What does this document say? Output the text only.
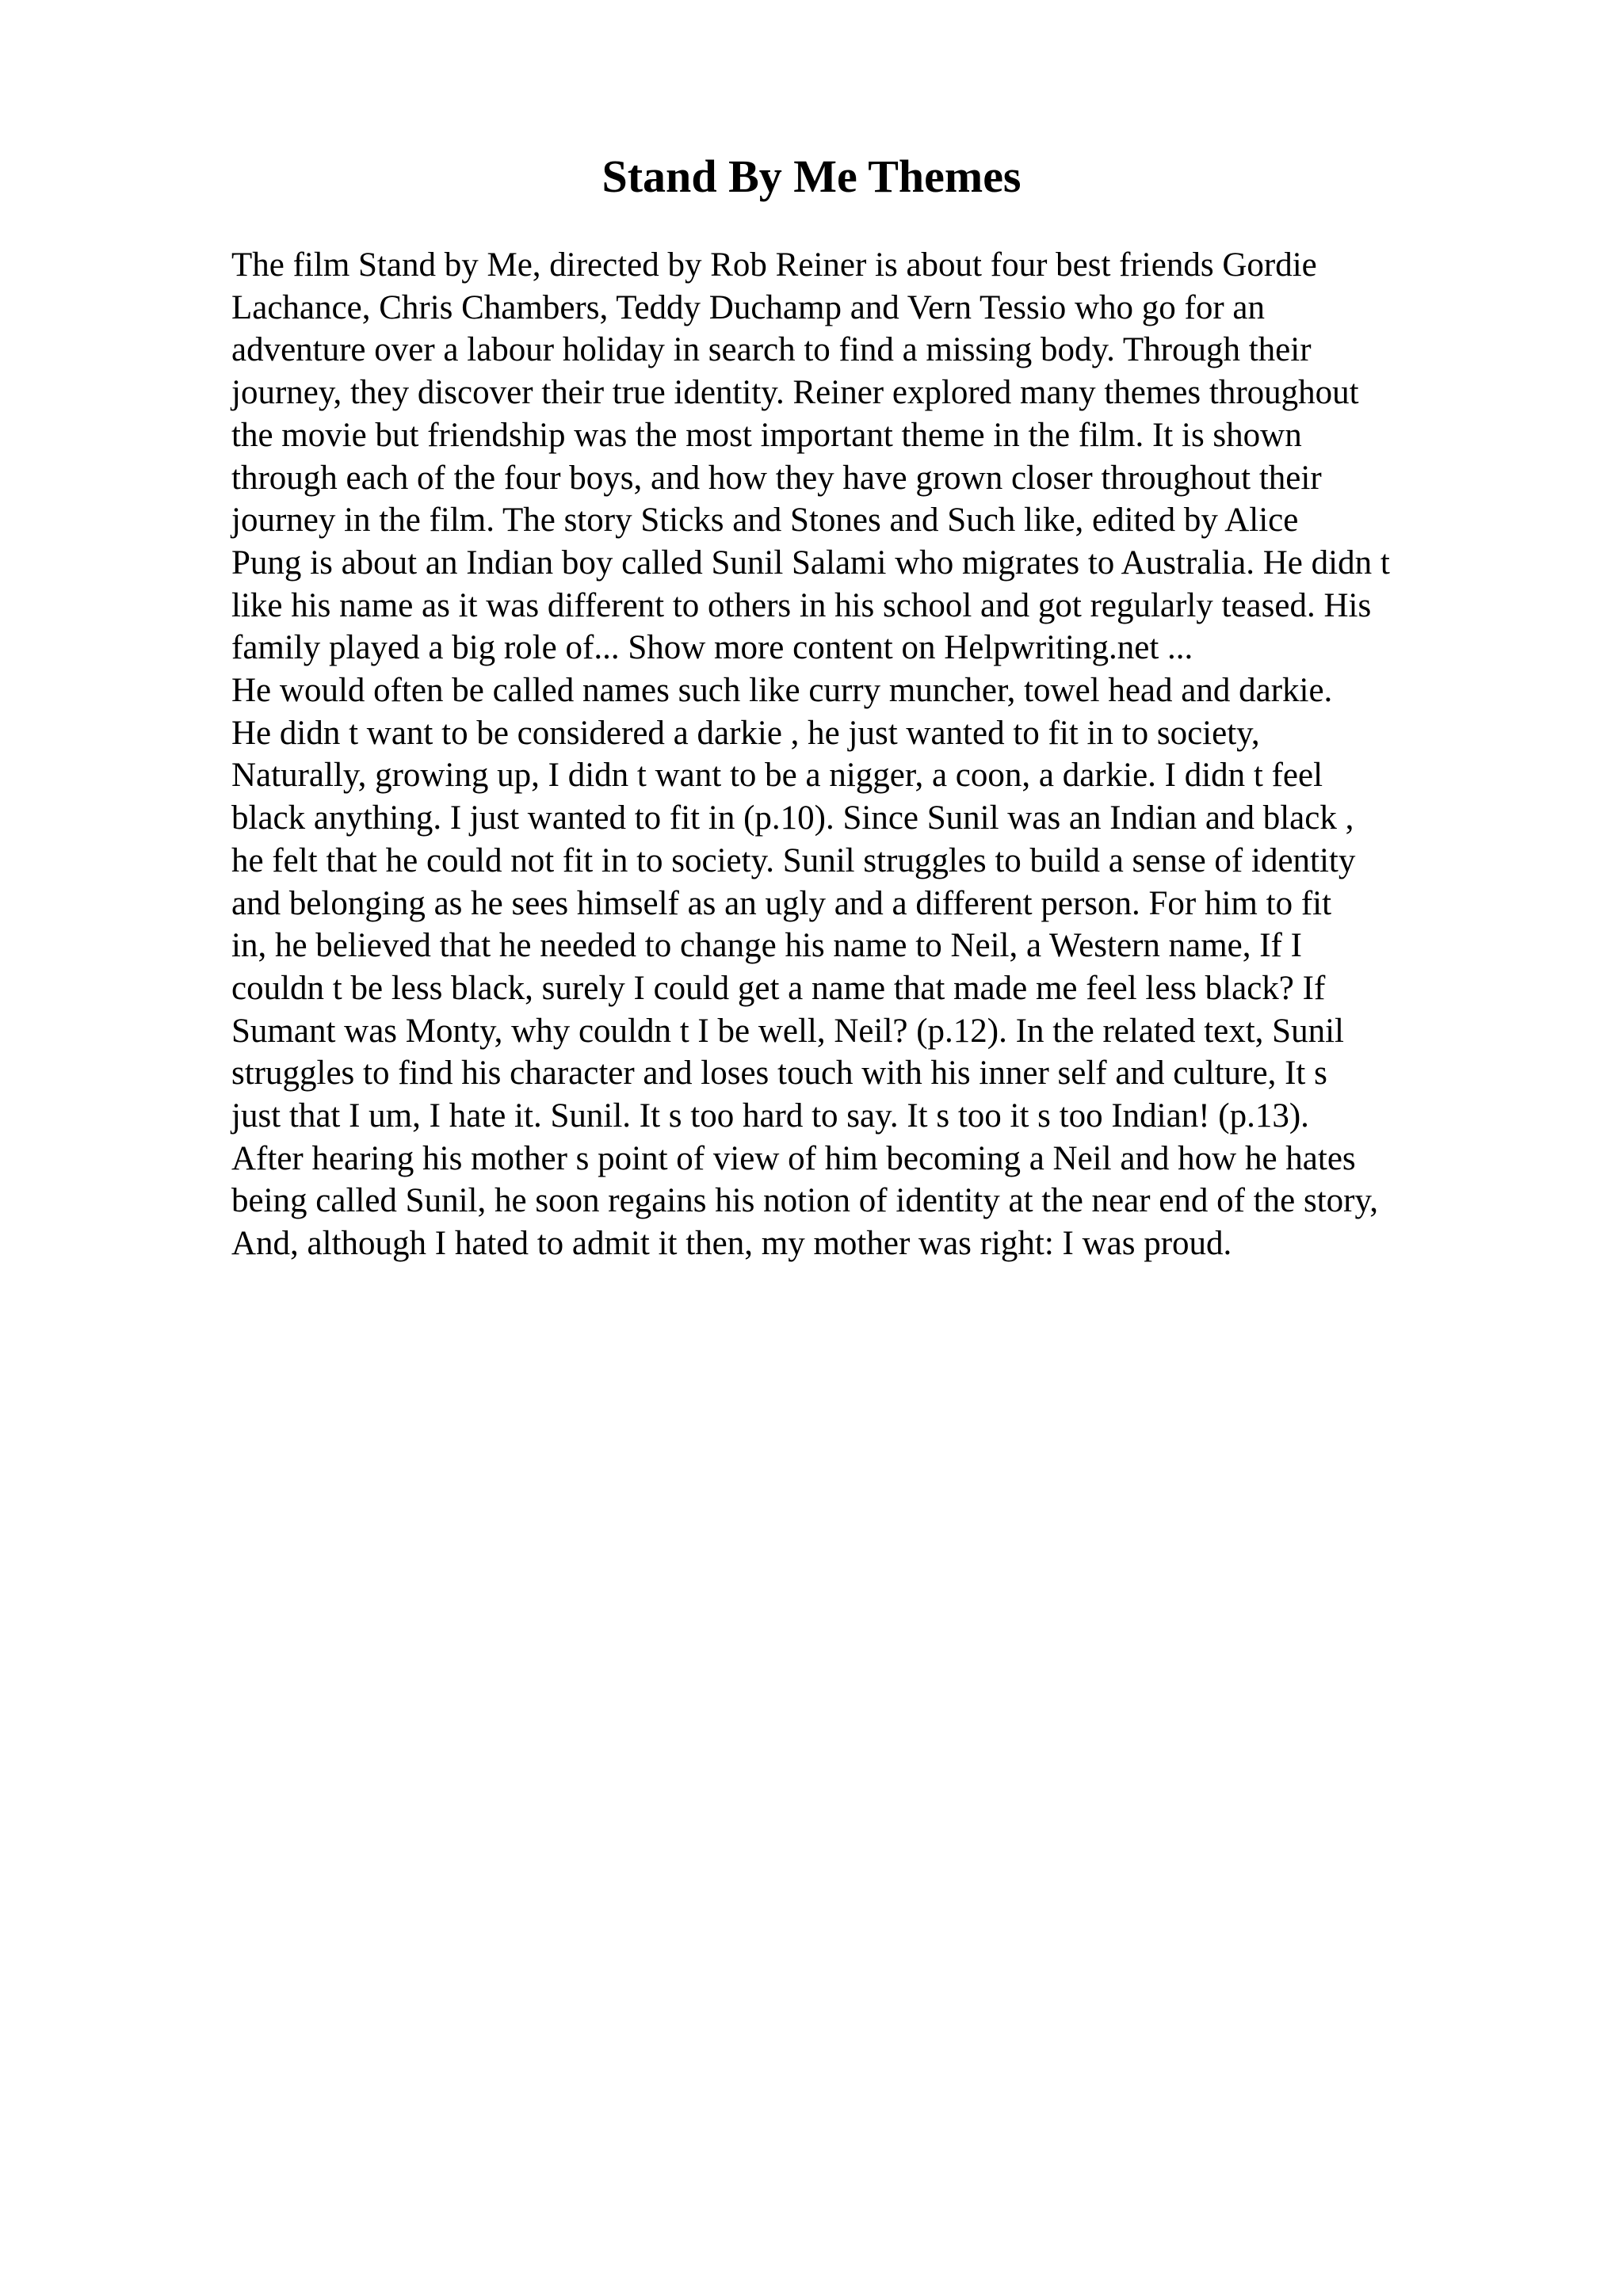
Stand By Me Themes
The film Stand by Me, directed by Rob Reiner is about four best friends Gordie
Lachance, Chris Chambers, Teddy Duchamp and Vern Tessio who go for an
adventure over a labour holiday in search to find a missing body. Through their
journey, they discover their true identity. Reiner explored many themes throughout
the movie but friendship was the most important theme in the film. It is shown
through each of the four boys, and how they have grown closer throughout their
journey in the film. The story Sticks and Stones and Such like, edited by Alice
Pung is about an Indian boy called Sunil Salami who migrates to Australia. He didn t
like his name as it was different to others in his school and got regularly teased. His
family played a big role of... Show more content on Helpwriting.net ...
He would often be called names such like curry muncher, towel head and darkie.
He didn t want to be considered a darkie , he just wanted to fit in to society,
Naturally, growing up, I didn t want to be a nigger, a coon, a darkie. I didn t feel
black anything. I just wanted to fit in (p.10). Since Sunil was an Indian and black ,
he felt that he could not fit in to society. Sunil struggles to build a sense of identity
and belonging as he sees himself as an ugly and a different person. For him to fit
in, he believed that he needed to change his name to Neil, a Western name, If I
couldn t be less black, surely I could get a name that made me feel less black? If
Sumant was Monty, why couldn t I be well, Neil? (p.12). In the related text, Sunil
struggles to find his character and loses touch with his inner self and culture, It s
just that I um, I hate it. Sunil. It s too hard to say. It s too it s too Indian! (p.13).
After hearing his mother s point of view of him becoming a Neil and how he hates
being called Sunil, he soon regains his notion of identity at the near end of the story,
And, although I hated to admit it then, my mother was right: I was proud.
